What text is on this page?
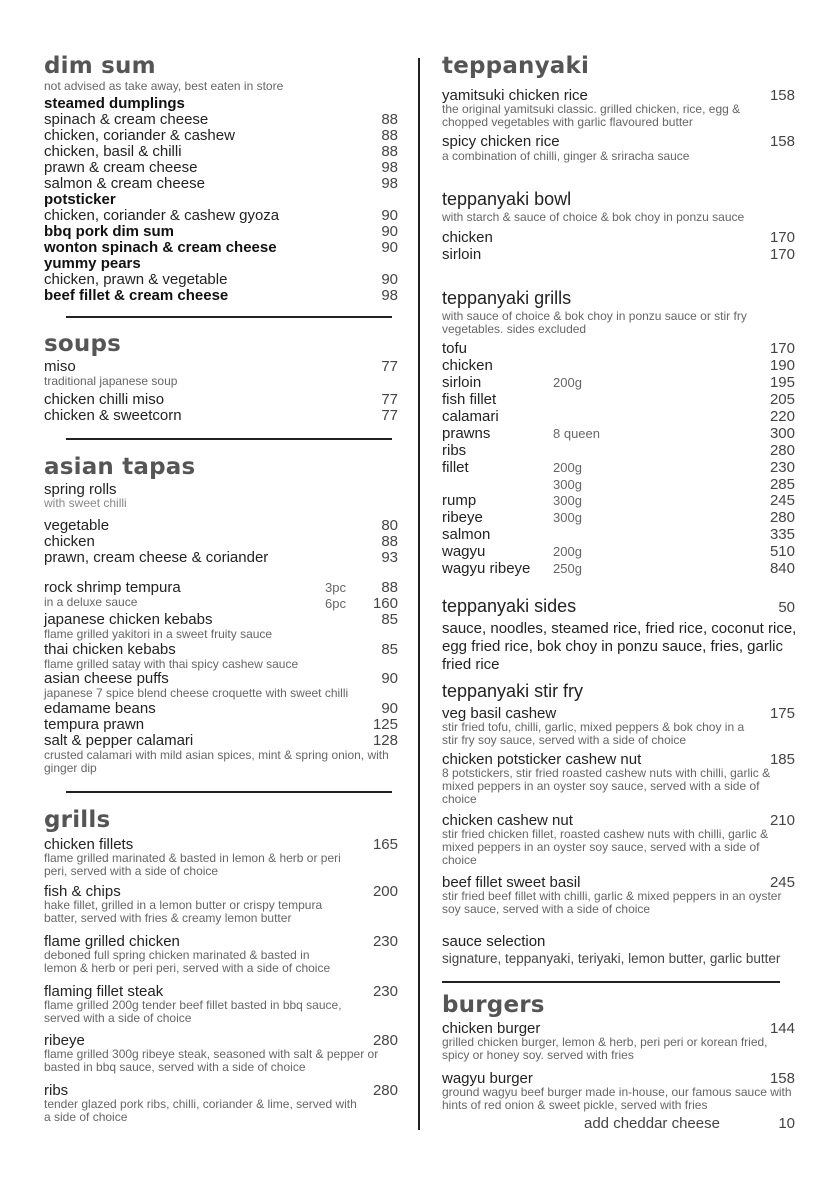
dim sum
not advised as take away, best eaten in store
steamed dumplings
spinach & cream cheese	88
chicken, coriander & cashew	88
chicken, basil & chilli	88
prawn & cream cheese	98
salmon & cream cheese	98
potsticker
chicken, coriander & cashew gyoza	90
bbq pork dim sum	90
wonton spinach & cream cheese	90
yummy pears
chicken, prawn & vegetable	90
beef fillet & cream cheese	98
soups
miso	77
traditional japanese soup
chicken chilli miso	77
chicken & sweetcorn	77
asian tapas
spring rolls
with sweet chilli
vegetable	80
chicken	88
prawn, cream cheese & coriander	93
rock shrimp tempura	3pc	88
in a deluxe sauce	6pc	160
japanese chicken kebabs	85
flame grilled yakitori in a sweet fruity sauce
thai chicken kebabs	85
flame grilled satay with thai spicy cashew sauce
asian cheese puffs	90
japanese 7 spice blend cheese croquette with sweet chilli
edamame beans	90
tempura prawn	125
salt & pepper calamari	128
crusted calamari with mild asian spices, mint & spring onion, with ginger dip
grills
chicken fillets	165
flame grilled marinated & basted in lemon & herb or peri peri, served with a side of choice
fish & chips	200
hake fillet, grilled in a lemon butter or crispy tempura batter, served with fries & creamy lemon butter
flame grilled chicken	230
deboned full spring chicken marinated & basted in lemon & herb or peri peri, served with a side of choice
flaming fillet steak	230
flame grilled 200g tender beef fillet basted in bbq sauce, served with a side of choice
ribeye	280
flame grilled 300g ribeye steak, seasoned with salt & pepper or basted in bbq sauce, served with a side of choice
ribs	280
tender glazed pork ribs, chilli, coriander & lime, served with a side of choice
teppanyaki
yamitsuki chicken rice	158
the original yamitsuki classic. grilled chicken, rice, egg & chopped vegetables with garlic flavoured butter
spicy chicken rice	158
a combination of chilli, ginger & sriracha sauce
teppanyaki bowl
with starch & sauce of choice & bok choy in ponzu sauce
chicken	170
sirloin	170
teppanyaki grills
with sauce of choice & bok choy in ponzu sauce or stir fry vegetables. sides excluded
tofu	170
chicken	190
sirloin	200g	195
fish fillet	205
calamari	220
prawns	8 queen	300
ribs	280
fillet	200g	230
300g	285
rump	300g	245
ribeye	300g	280
salmon	335
wagyu	200g	510
wagyu ribeye 250g	840
teppanyaki sides	50
sauce, noodles, steamed rice, fried rice, coconut rice, egg fried rice, bok choy in ponzu sauce, fries, garlic fried rice
teppanyaki stir fry
veg basil cashew	175
stir fried tofu, chilli, garlic, mixed peppers & bok choy in a stir fry soy sauce, served with a side of choice
chicken potsticker cashew nut	185
8 potstickers, stir fried roasted cashew nuts with chilli, garlic & mixed peppers in an oyster soy sauce, served with a side of choice
chicken cashew nut	210
stir fried chicken fillet, roasted cashew nuts with chilli, garlic & mixed peppers in an oyster soy sauce, served with a side of choice
beef fillet sweet basil	245
stir fried beef fillet with chilli, garlic & mixed peppers in an oyster soy sauce, served with a side of choice
sauce selection
signature, teppanyaki, teriyaki, lemon butter, garlic butter
burgers
chicken burger	144
grilled chicken burger, lemon & herb, peri peri or korean fried, spicy or honey soy. served with fries
wagyu burger	158
ground wagyu beef burger made in-house, our famous sauce with hints of red onion & sweet pickle, served with fries
add cheddar cheese	10
